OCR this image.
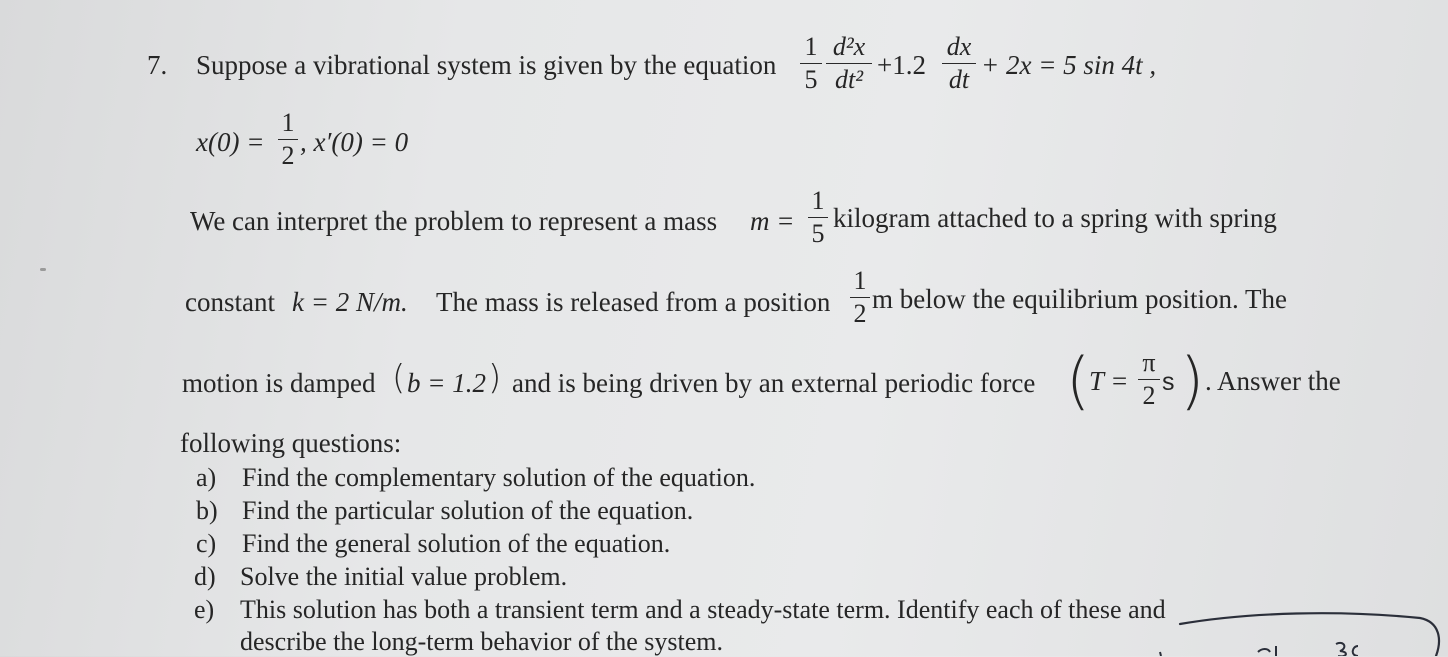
7. Suppose a vibrational system is given by the equation
1
5
d²x
dt² +1.2
dx
dt + 2x = 5 sin 4t ,
x(0) =
1
2 , x′(0) = 0
We can interpret the problem to represent a mass m =
1
5
kilogram attached to a spring with spring
constant k = 2 N/m. The mass is released from a position
1
2 m below the equilibrium position. The
motion is damped ( b = 1.2 ) and is being driven by an external periodic force (
T =
π
2 s ) . Answer the
following questions:
a) Find the complementary solution of the equation.
b) Find the particular solution of the equation.
c) Find the general solution of the equation.
d) Solve the initial value problem.
e) This solution has both a transient term and a steady-state term. Identify each of these and
describe the long-term behavior of the system.
